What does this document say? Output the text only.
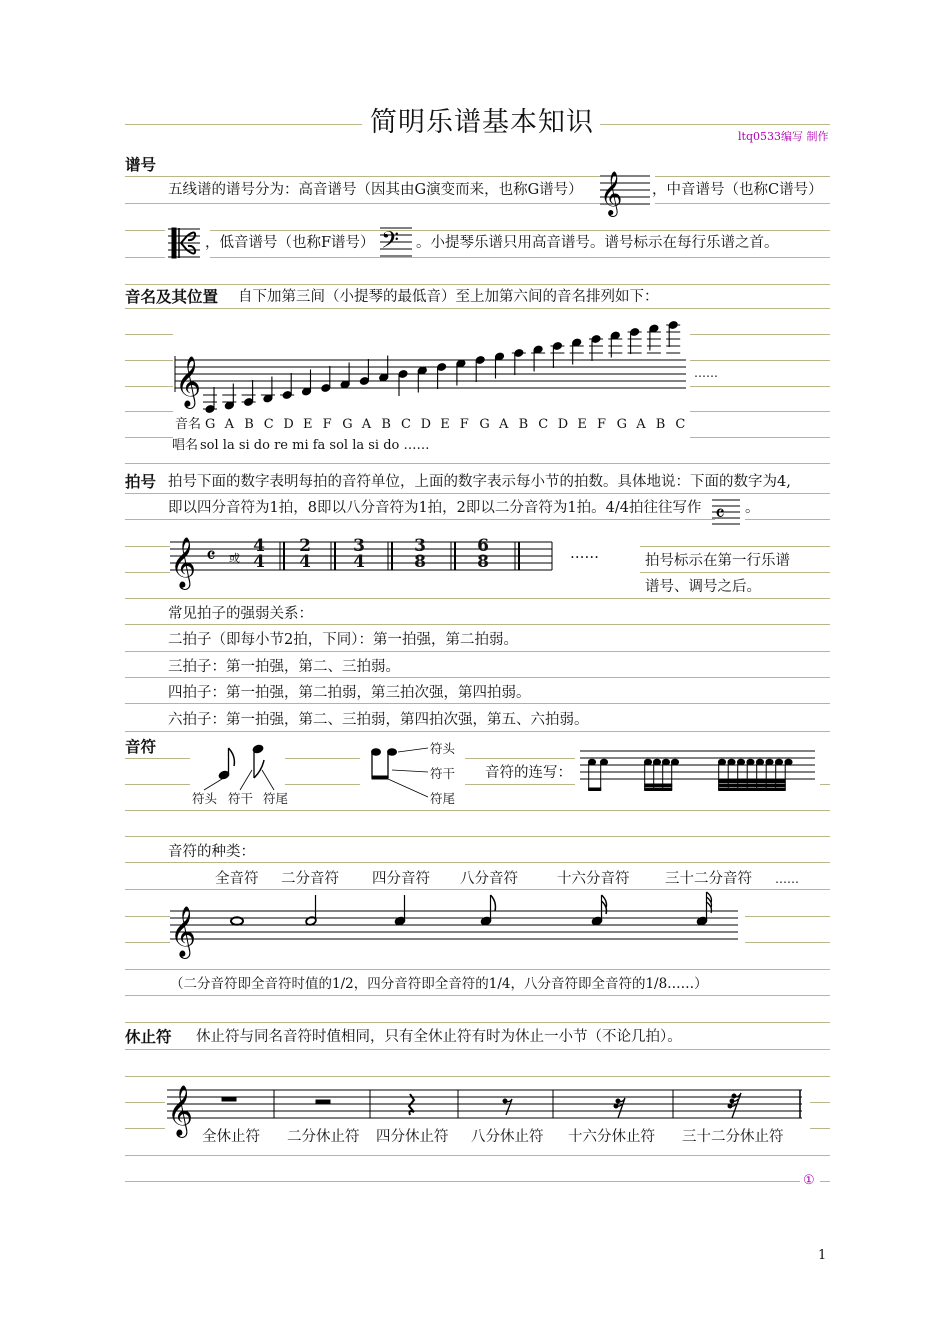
简明乐谱基本知识	ltq0533编写 制作
谱号
五线谱的谱号分为：高音谱号（因其由G演变而来，也称G谱号）	，中音谱号（也称C谱号）
，低音谱号（也称F谱号）	。小提琴乐谱只用高音谱号。谱号标示在每行乐谱之首。
𝄞
𝄢
𝄞
𝄞 𝄴
𝄴
𝄞
𝄞
音名及其位置 自下加第三间（小提琴的最低音）至上加第六间的音名排列如下：
……
音名 G A B C D E F G A B C D E F G A B C D E F G A B C
唱名 sol la si do re mi fa sol la si do ……
拍号 拍号下面的数字表明每拍的音符单位，上面的数字表示每小节的拍数。具体地说：下面的数字为4,
即以四分音符为1拍，8即以八分音符为1拍，2即以二分音符为1拍。4/4拍往往写作	。
或
4
4
2
4
3
4
3
8
6
8	……	拍号标示在第一行乐谱
谱号、调号之后。
常见拍子的强弱关系：
二拍子（即每小节2拍，下同）：第一拍强，第二拍弱。
三拍子：第一拍强，第二、三拍弱。
四拍子：第一拍强，第二拍弱，第三拍次强，第四拍弱。
六拍子：第一拍强，第二、三拍弱，第四拍次强，第五、六拍弱。
音符
符头 符干 符尾
符头
符干
符尾
音符的连写：
音符的种类：
全音符 二分音符 四分音符 八分音符	十六分音符 三十二分音符 ……
（二分音符即全音符时值的1/2，四分音符即全音符的1/4，八分音符即全音符的1/8……）
休止符 休止符与同名音符时值相同，只有全休止符有时为休止一小节（不论几拍）。
全休止符 二分休止符 四分休止符 八分休止符 十六分休止符 三十二分休止符
①
1
